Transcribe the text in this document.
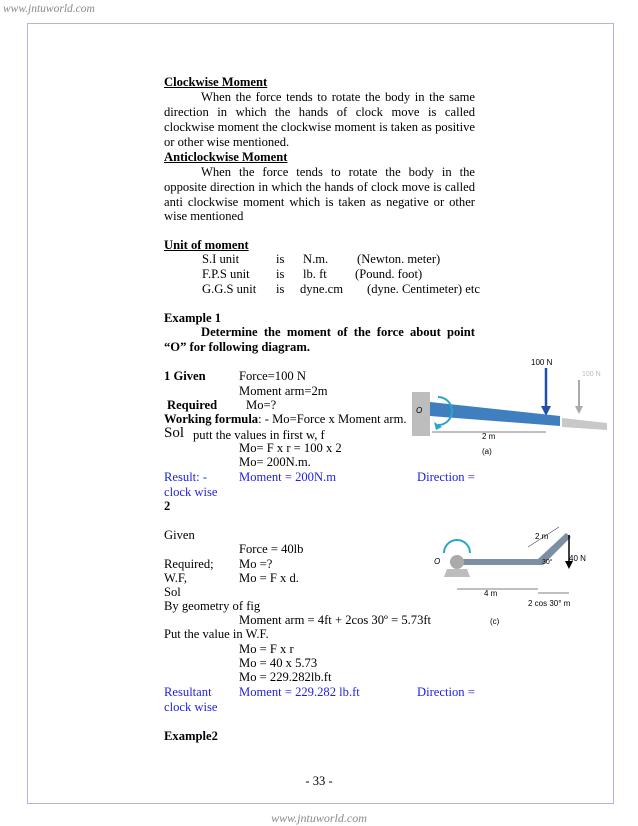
www.jntuworld.com
Clockwise Moment
When the force tends to rotate the body in the same
direction in which the hands of clock move is called
clockwise moment the clockwise moment is taken as positive
or other wise mentioned.
Anticlockwise Moment
When the force tends to rotate the body in the
opposite direction in which the hands of clock move is called
anti clockwise moment which is taken as negative or other
wise mentioned
Unit of moment
S.I unit	is N.m. (Newton. meter)
F.P.S unit is lb. ft (Pound. foot)
G.G.S unit is dyne.cm (dyne. Centimeter) etc
Example 1
Determine the moment of the force about point
“O” for following diagram.
1 Given	Force=100 N
Moment arm=2m
Required Mo=?
Working formula: - Mo=Force x Moment arm.
Sol putt the values in first w, f
Mo= F x r = 100 x 2
Mo= 200N.m.
Result: -	Moment = 200N.m	Direction =
clock wise
2
100 N
100 N
O
2 m
(a)
Given
Force = 40lb
Required; Mo =?
W.F,	Mo = F x d.
Sol
By geometry of fig
Moment arm = 4ft + 2cos 30º = 5.73ft
Put the value in W.F.
Mo = F x r
Mo = 40 x 5.73
Mo = 229.282lb.ft
Resultant Moment = 229.282 lb.ft	Direction =
clock wise
Example2
2 m
40 N
30°
O
4 m
2 cos 30° m
(c)
- 33 -
www.jntuworld.com
